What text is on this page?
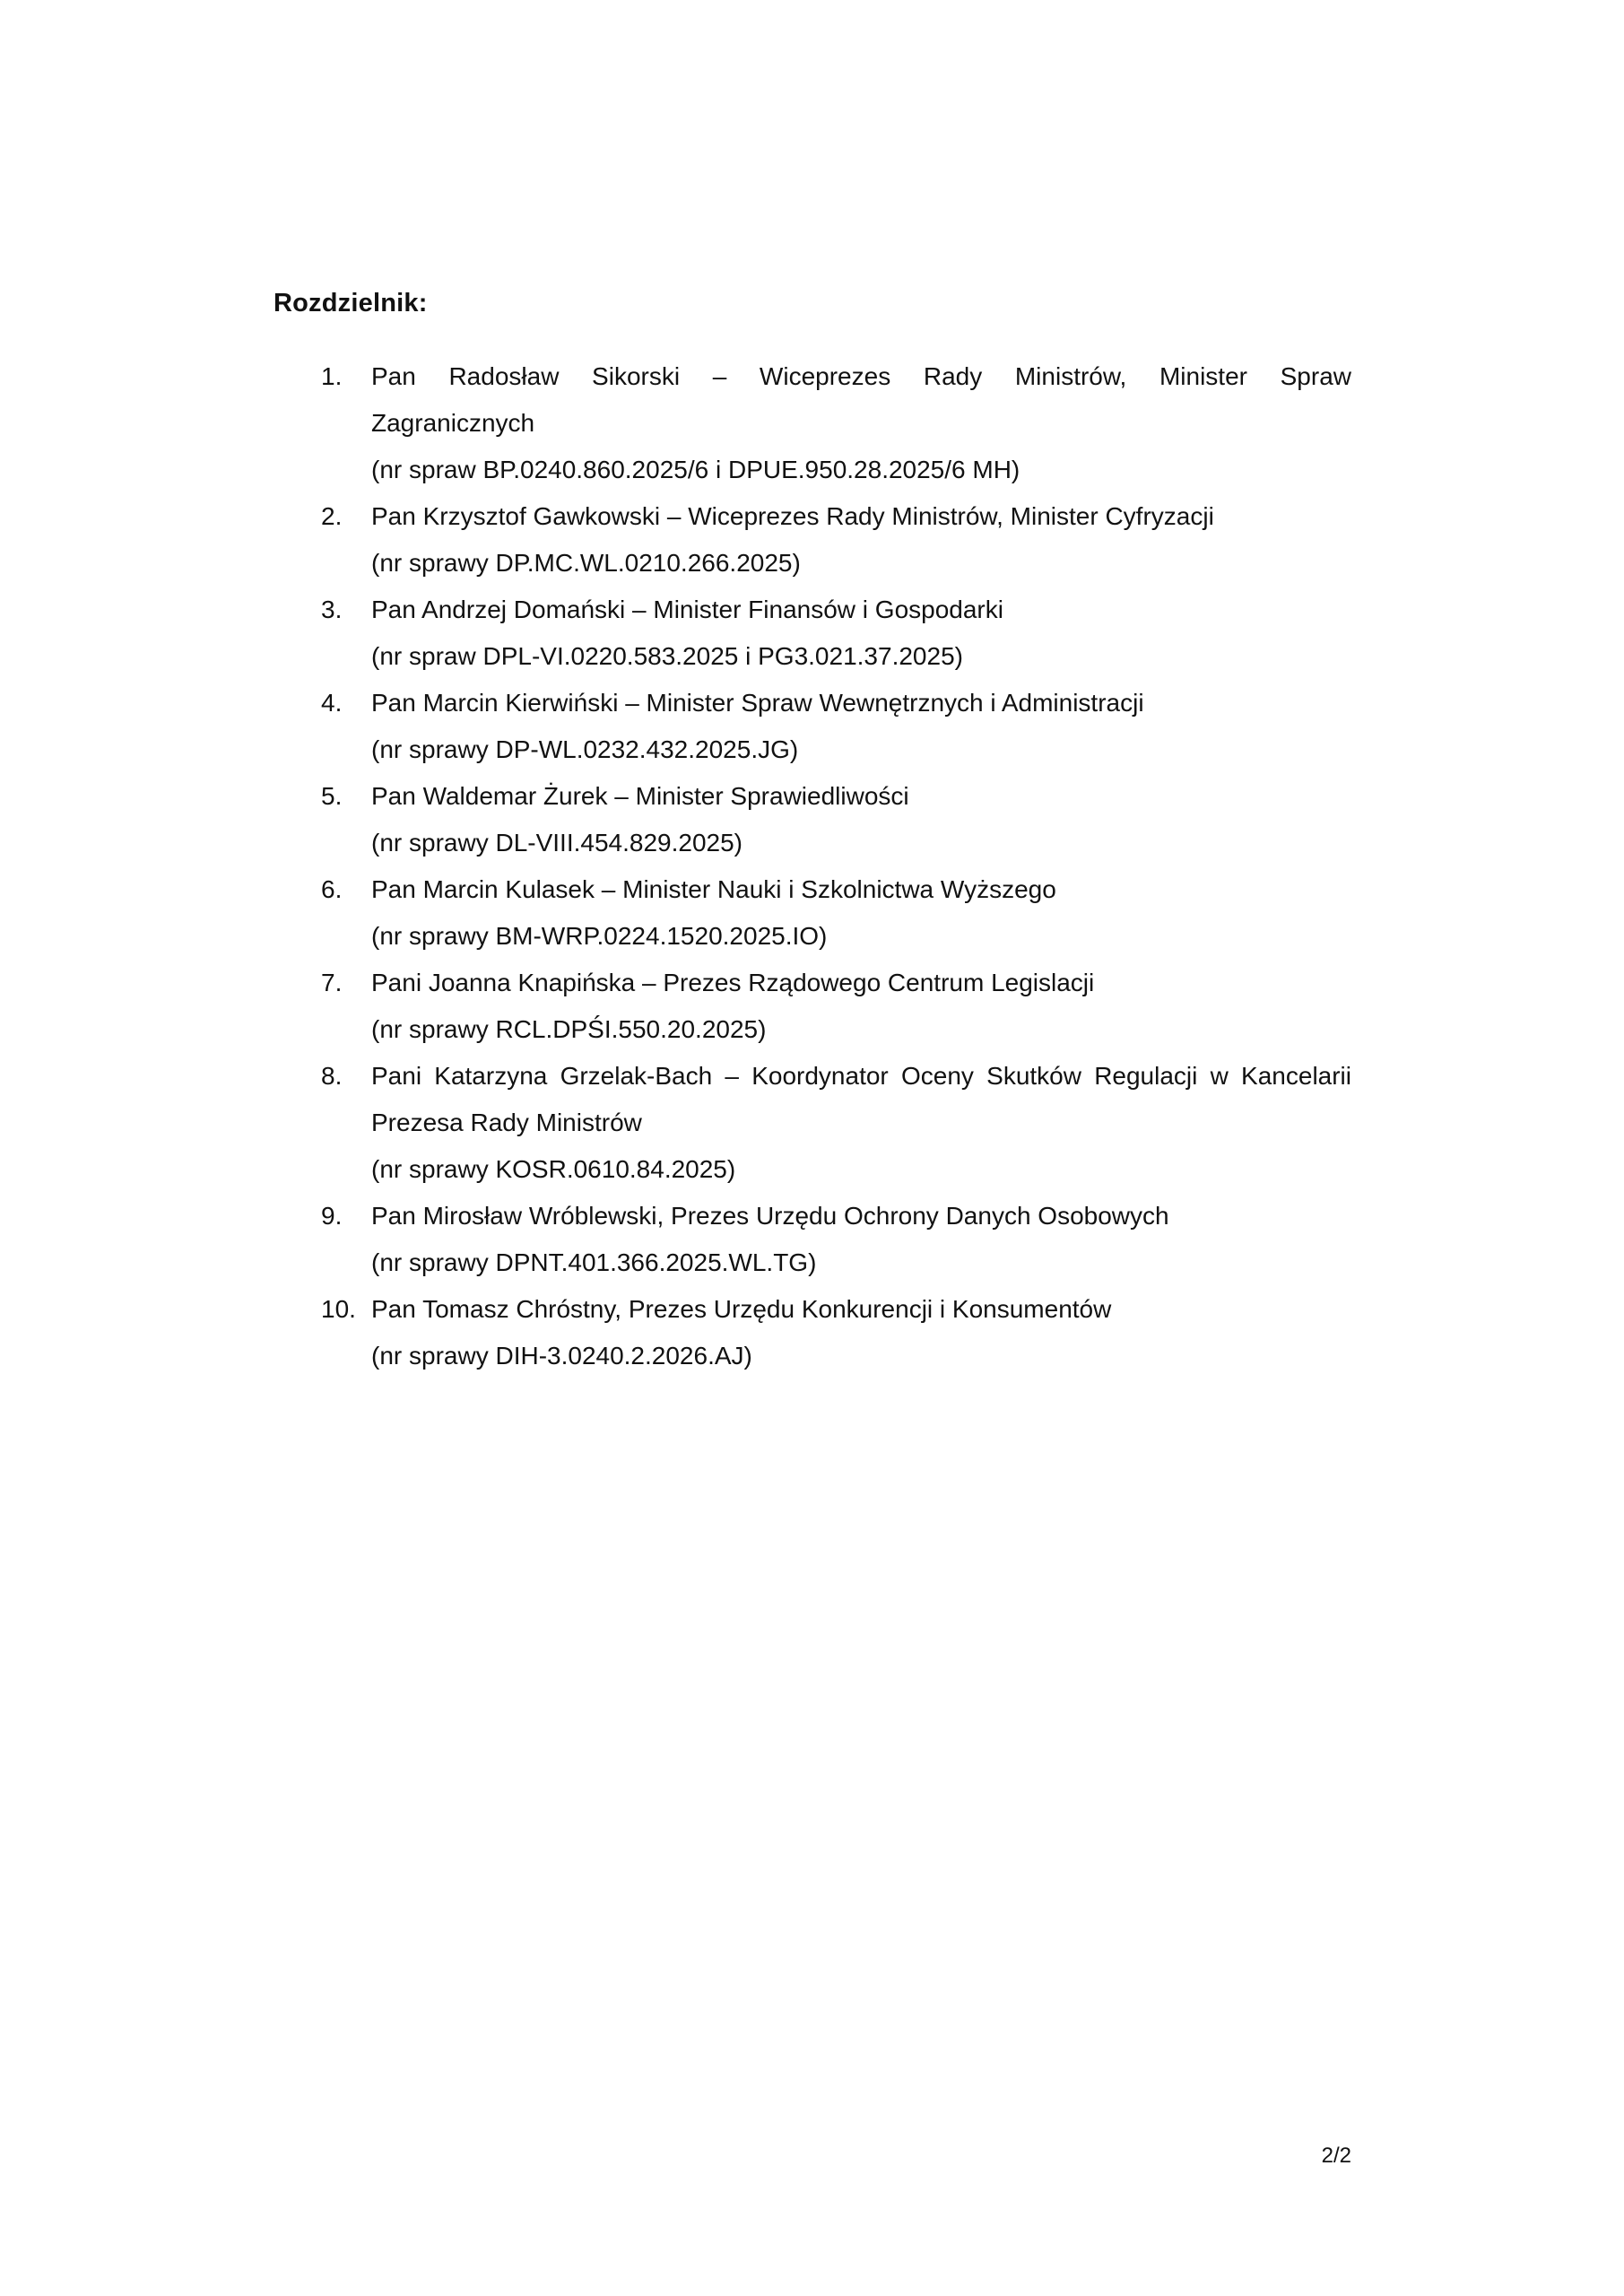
Rozdzielnik:
1.	Pan Radosław Sikorski – Wiceprezes Rady Ministrów, Minister Spraw
Zagranicznych
(nr spraw BP.0240.860.2025/6 i DPUE.950.28.2025/6 MH)
2.	Pan Krzysztof Gawkowski – Wiceprezes Rady Ministrów, Minister Cyfryzacji
(nr sprawy DP.MC.WL.0210.266.2025)
3.	Pan Andrzej Domański – Minister Finansów i Gospodarki
(nr spraw DPL-VI.0220.583.2025 i PG3.021.37.2025)
4.	Pan Marcin Kierwiński – Minister Spraw Wewnętrznych i Administracji
(nr sprawy DP-WL.0232.432.2025.JG)
5.	Pan Waldemar Żurek – Minister Sprawiedliwości
(nr sprawy DL-VIII.454.829.2025)
6.	Pan Marcin Kulasek – Minister Nauki i Szkolnictwa Wyższego
(nr sprawy BM-WRP.0224.1520.2025.IO)
7.	Pani Joanna Knapińska – Prezes Rządowego Centrum Legislacji
(nr sprawy RCL.DPŚI.550.20.2025)
8.	Pani Katarzyna Grzelak-Bach – Koordynator Oceny Skutków Regulacji w Kancelarii
Prezesa Rady Ministrów
(nr sprawy KOSR.0610.84.2025)
9.	Pan Mirosław Wróblewski, Prezes Urzędu Ochrony Danych Osobowych
(nr sprawy DPNT.401.366.2025.WL.TG)
10. Pan Tomasz Chróstny, Prezes Urzędu Konkurencji i Konsumentów
(nr sprawy DIH-3.0240.2.2026.AJ)
2/2
